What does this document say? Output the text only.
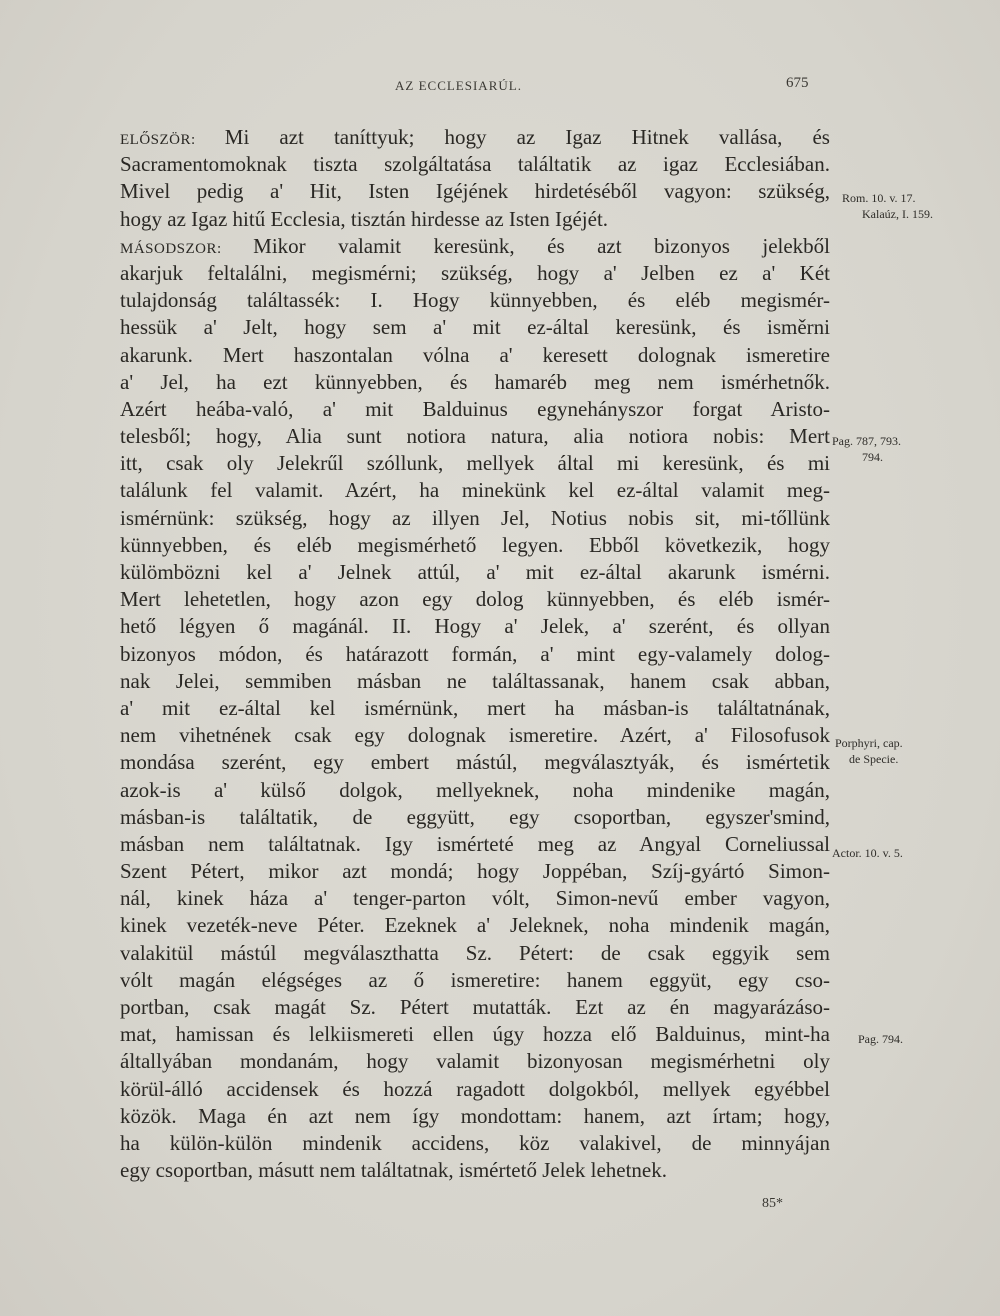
AZ ECCLESIARÚL.	675
ELŐSZÖR: Mi azt taníttyuk; hogy az Igaz Hitnek vallása, és
Sacramentomoknak tiszta szolgáltatása találtatik az igaz Ecclesiában.
Mivel pedig a' Hit, Isten Igéjének hirdetéséből vagyon: szükség,
hogy az Igaz hitű Ecclesia, tisztán hirdesse az Isten Igéjét.
MÁSODSZOR: Mikor valamit keresünk, és azt bizonyos jelekből
akarjuk feltalálni, megismérni; szükség, hogy a' Jelben ez a' Két
tulajdonság találtassék: I. Hogy künnyebben, és eléb megismér-
hessük a' Jelt, hogy sem a' mit ez-által keresünk, és isměrni
akarunk. Mert haszontalan vólna a' keresett dolognak ismeretire
a' Jel, ha ezt künnyebben, és hamaréb meg nem ismérhetnők.
Azért heába-való, a' mit Balduinus egynehányszor forgat Aristo-
telesből; hogy, Alia sunt notiora natura, alia notiora nobis: Mert
itt, csak oly Jelekrűl szóllunk, mellyek által mi keresünk, és mi
találunk fel valamit. Azért, ha minekünk kel ez-által valamit meg-
ismérnünk: szükség, hogy az illyen Jel, Notius nobis sit, mi-tőllünk
künnyebben, és eléb megismérhető legyen. Ebből következik, hogy
külömbözni kel a' Jelnek attúl, a' mit ez-által akarunk ismérni.
Mert lehetetlen, hogy azon egy dolog künnyebben, és eléb ismér-
hető légyen ő magánál. II. Hogy a' Jelek, a' szerént, és ollyan
bizonyos módon, és határazott formán, a' mint egy-valamely dolog-
nak Jelei, semmiben másban ne találtassanak, hanem csak abban,
a' mit ez-által kel ismérnünk, mert ha másban-is találtatnának,
nem vihetnének csak egy dolognak ismeretire. Azért, a' Filosofusok
mondása szerént, egy embert mástúl, megválasztyák, és ismértetik
azok-is a' külső dolgok, mellyeknek, noha mindenike magán,
másban-is találtatik, de eggyütt, egy csoportban, egyszer'smind,
másban nem találtatnak. Igy ismérteté meg az Angyal Corneliussal
Szent Pétert, mikor azt mondá; hogy Joppéban, Szíj-gyártó Simon-
nál, kinek háza a' tenger-parton vólt, Simon-nevű ember vagyon,
kinek vezeték-neve Péter. Ezeknek a' Jeleknek, noha mindenik magán,
valakitül mástúl megválaszthatta Sz. Pétert: de csak eggyik sem
vólt magán elégséges az ő ismeretire: hanem eggyüt, egy cso-
portban, csak magát Sz. Pétert mutatták. Ezt az én magyarázáso-
mat, hamissan és lelkiismereti ellen úgy hozza elő Balduinus, mint-ha
általlyában mondanám, hogy valamit bizonyosan megismérhetni oly
körül-álló accidensek és hozzá ragadott dolgokból, mellyek egyébbel
közök. Maga én azt nem így mondottam: hanem, azt írtam; hogy,
ha külön-külön mindenik accidens, köz valakivel, de minnyájan
egy csoportban, másutt nem találtatnak, ismértető Jelek lehetnek.
Rom. 10. v. 17.
Kalaúz, I. 159.
Pag. 787, 793.
794.
Porphyri, cap.
de Specie.
Actor. 10. v. 5.
Pag. 794.
85*
